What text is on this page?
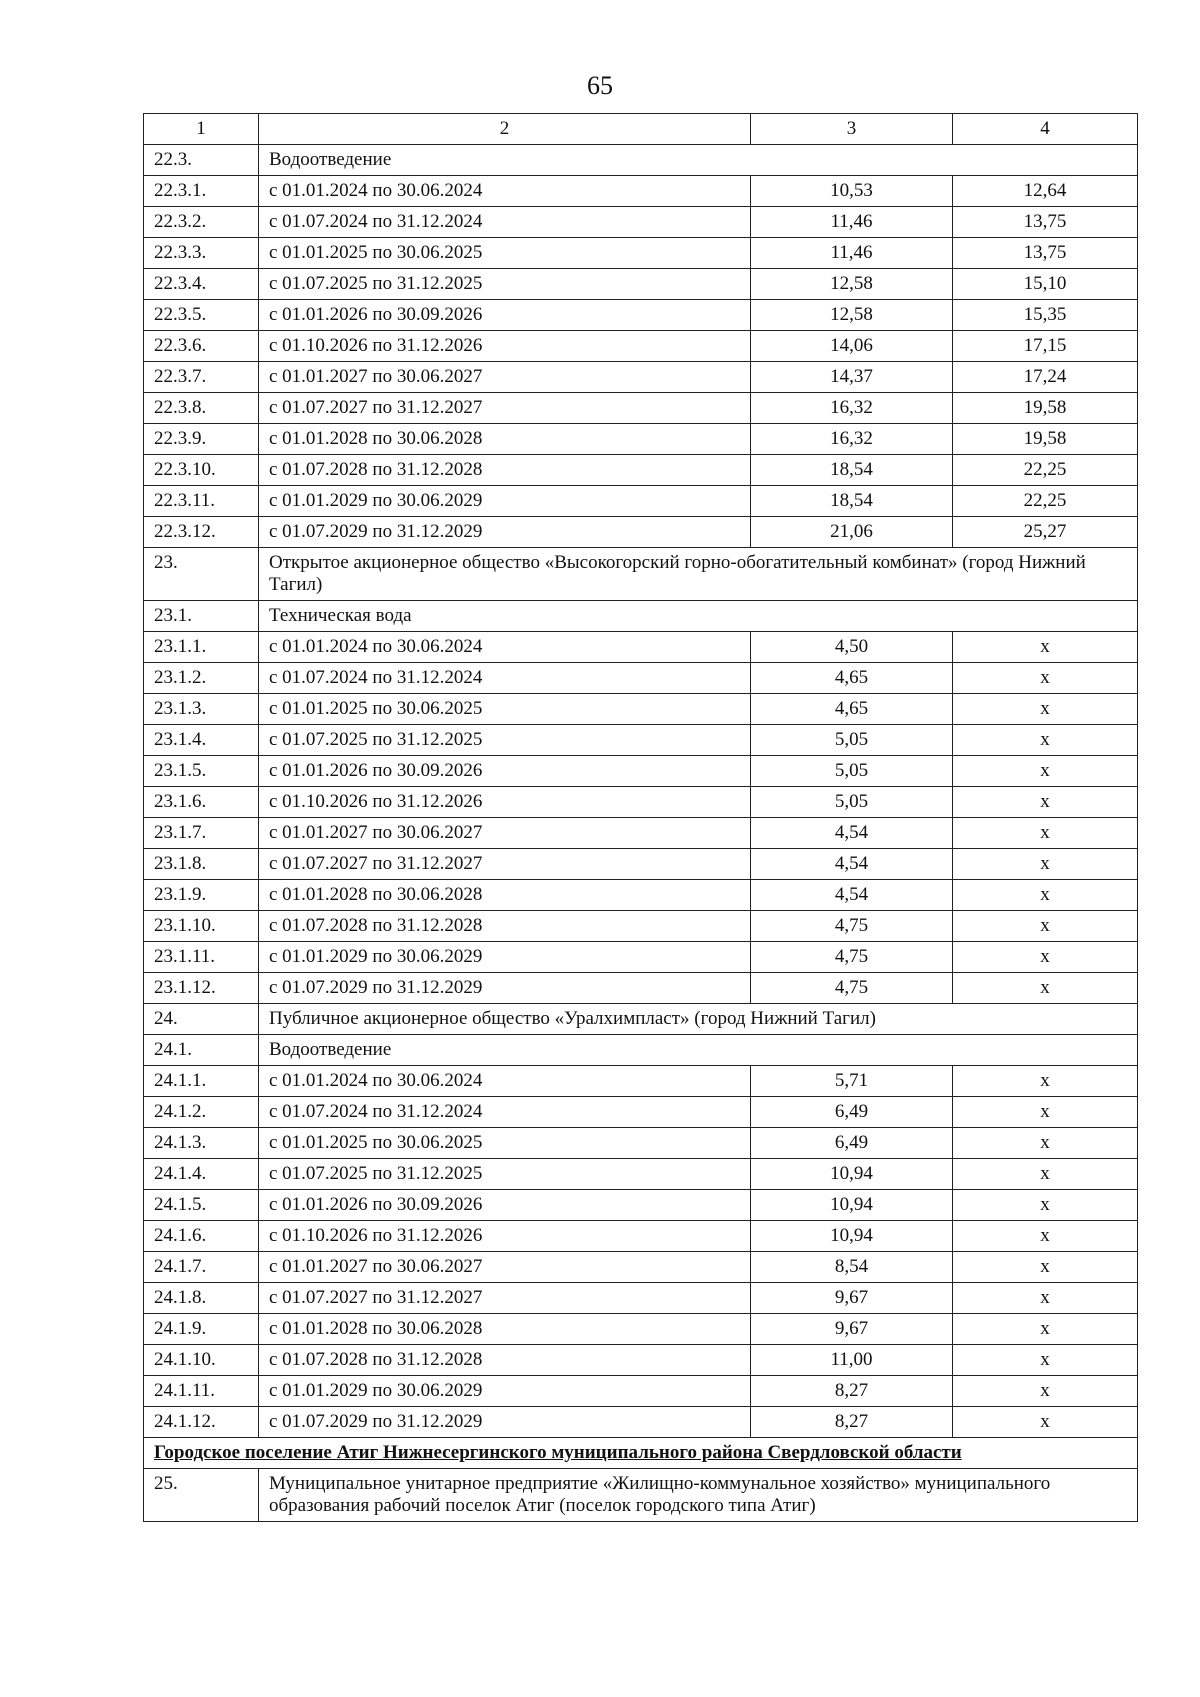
65
1	2	3	4
22.3.	Водоотведение		
22.3.1.	с 01.01.2024 по 30.06.2024	10,53	12,64
22.3.2.	с 01.07.2024 по 31.12.2024	11,46	13,75
22.3.3.	с 01.01.2025 по 30.06.2025	11,46	13,75
22.3.4.	с 01.07.2025 по 31.12.2025	12,58	15,10
22.3.5.	с 01.01.2026 по 30.09.2026	12,58	15,35
22.3.6.	с 01.10.2026 по 31.12.2026	14,06	17,15
22.3.7.	с 01.01.2027 по 30.06.2027	14,37	17,24
22.3.8.	с 01.07.2027 по 31.12.2027	16,32	19,58
22.3.9.	с 01.01.2028 по 30.06.2028	16,32	19,58
22.3.10.	с 01.07.2028 по 31.12.2028	18,54	22,25
22.3.11.	с 01.01.2029 по 30.06.2029	18,54	22,25
22.3.12.	с 01.07.2029 по 31.12.2029	21,06	25,27
23.	Открытое акционерное общество «Высокогорский горно-обогатительный комбинат» (город Нижний Тагил)		
23.1.	Техническая вода		
23.1.1.	с 01.01.2024 по 30.06.2024	4,50	х
23.1.2.	с 01.07.2024 по 31.12.2024	4,65	х
23.1.3.	с 01.01.2025 по 30.06.2025	4,65	х
23.1.4.	с 01.07.2025 по 31.12.2025	5,05	х
23.1.5.	с 01.01.2026 по 30.09.2026	5,05	х
23.1.6.	с 01.10.2026 по 31.12.2026	5,05	х
23.1.7.	с 01.01.2027 по 30.06.2027	4,54	х
23.1.8.	с 01.07.2027 по 31.12.2027	4,54	х
23.1.9.	с 01.01.2028 по 30.06.2028	4,54	х
23.1.10.	с 01.07.2028 по 31.12.2028	4,75	х
23.1.11.	с 01.01.2029 по 30.06.2029	4,75	х
23.1.12.	с 01.07.2029 по 31.12.2029	4,75	х
24.	Публичное акционерное общество «Уралхимпласт» (город Нижний Тагил)		
24.1.	Водоотведение		
24.1.1.	с 01.01.2024 по 30.06.2024	5,71	х
24.1.2.	с 01.07.2024 по 31.12.2024	6,49	х
24.1.3.	с 01.01.2025 по 30.06.2025	6,49	х
24.1.4.	с 01.07.2025 по 31.12.2025	10,94	х
24.1.5.	с 01.01.2026 по 30.09.2026	10,94	х
24.1.6.	с 01.10.2026 по 31.12.2026	10,94	х
24.1.7.	с 01.01.2027 по 30.06.2027	8,54	х
24.1.8.	с 01.07.2027 по 31.12.2027	9,67	х
24.1.9.	с 01.01.2028 по 30.06.2028	9,67	х
24.1.10.	с 01.07.2028 по 31.12.2028	11,00	х
24.1.11.	с 01.01.2029 по 30.06.2029	8,27	х
24.1.12.	с 01.07.2029 по 31.12.2029	8,27	х
Городское поселение Атиг Нижнесергинского муниципального района Свердловской области			
25.	Муниципальное унитарное предприятие «Жилищно-коммунальное хозяйство» муниципального образования рабочий поселок Атиг (поселок городского типа Атиг)		
